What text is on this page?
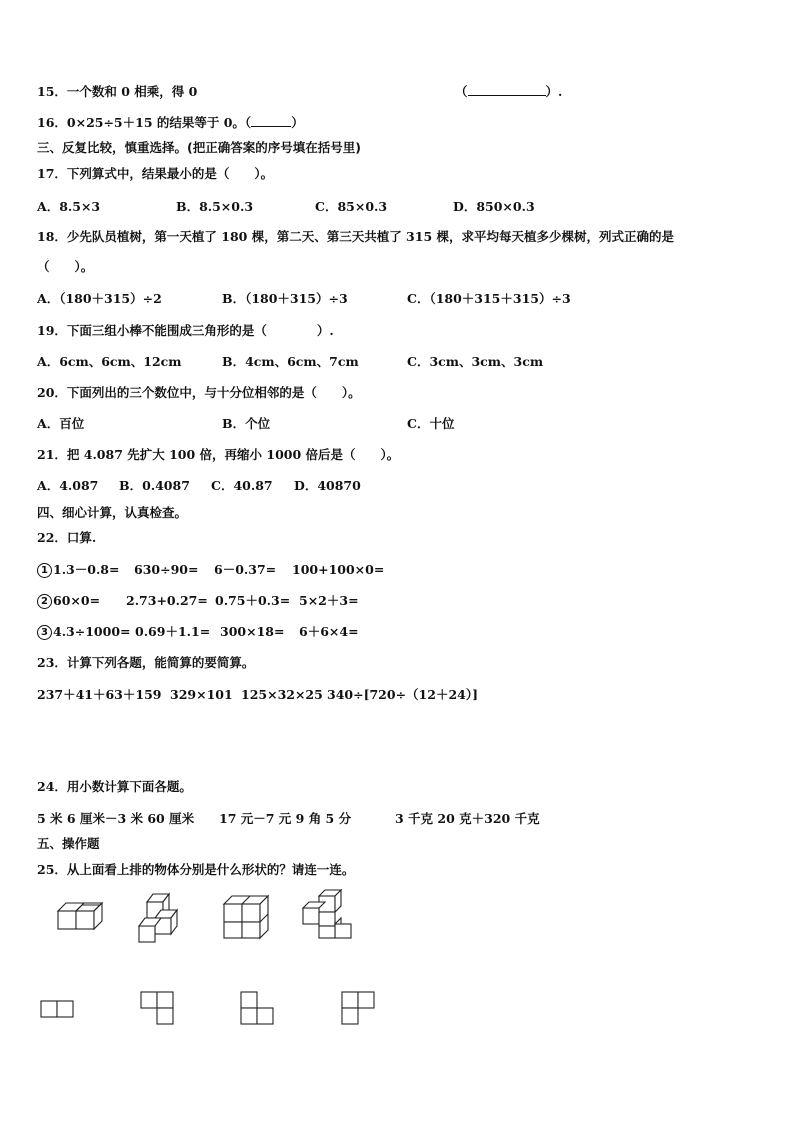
15．一个数和 0 相乘，得 0	（	）.
16．0×25÷5＋15 的结果等于 0。（	）
三、反复比较，慎重选择。(把正确答案的序号填在括号里)
17．下列算式中，结果最小的是（　　）。
A．8.5×3	B．8.5×0.3	C．85×0.3	D．850×0.3
18．少先队员植树，第一天植了 180 棵，第二天、第三天共植了 315 棵，求平均每天植多少棵树，列式正确的是
（　　）。
A．（180＋315）÷2	B．（180＋315）÷3	C．（180＋315＋315）÷3
19．下面三组小棒不能围成三角形的是（　　　　）.
A．6cm、6cm、12cm	B．4cm、6cm、7cm	C．3cm、3cm、3cm
20．下面列出的三个数位中，与十分位相邻的是（　　）。
A．百位	B．个位	C．十位
21．把 4.087 先扩大 100 倍，再缩小 1000 倍后是（　　）。
A．4.087 B．0.4087 C．40.87 D．40870
四、细心计算，认真检查。
22．口算.
1 1.3－0.8= 630÷90= 6－0.37= 100+100×0=
2 60×0= 2.73+0.27= 0.75＋0.3= 5×2＋3=
3 4.3÷1000= 0.69＋1.1= 300×18= 6＋6×4=
23．计算下列各题，能简算的要简算。
237＋41＋63＋159 329×101 125×32×25 340÷[720÷（12＋24）]
24．用小数计算下面各题。
5 米 6 厘米－3 米 60 厘米 17 元－7 元 9 角 5 分	3 千克 20 克＋320 千克
五、操作题
25．从上面看上排的物体分别是什么形状的？请连一连。
